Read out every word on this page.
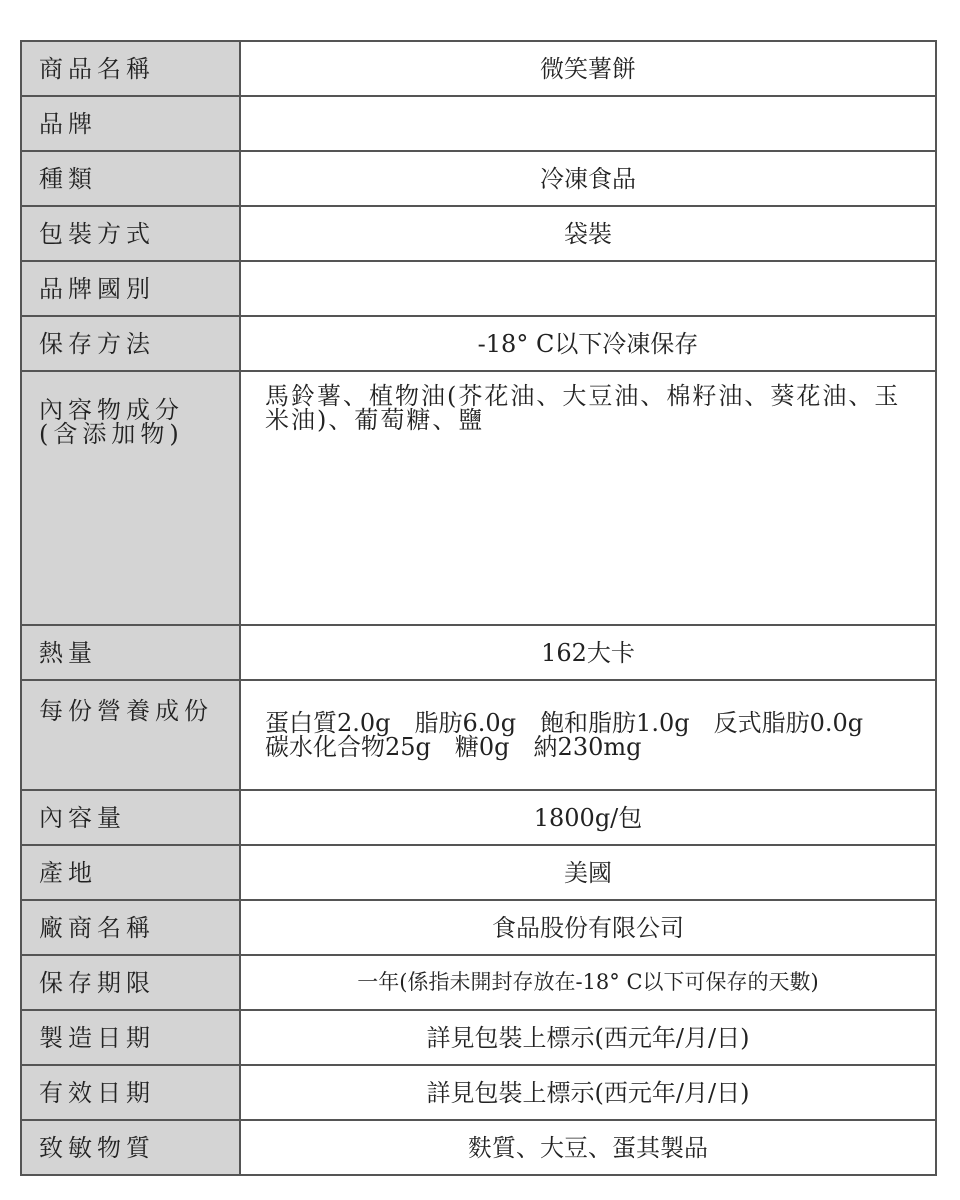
商品名稱	微笑薯餅
品牌	
種類	冷凍食品
包裝方式	袋裝
品牌國別	
保存方法	-18° C以下冷凍保存

內容物成分
(含添加物)	馬鈴薯、植物油(芥花油、大豆油、棉籽油、葵花油、玉米油)、葡萄糖、鹽
熱量	162大卡
每份營養成份	蛋白質2.0g 脂肪6.0g 飽和脂肪1.0g 反式脂肪0.0g
碳水化合物25g 糖0g 納230mg

內容量	1800g/包
產地	美國
廠商名稱	食品股份有限公司
保存期限	一年(係指未開封存放在-18° C以下可保存的天數)
製造日期	詳見包裝上標示(西元年/月/日)
有效日期	詳見包裝上標示(西元年/月/日)
致敏物質	麩質、大豆、蛋其製品
